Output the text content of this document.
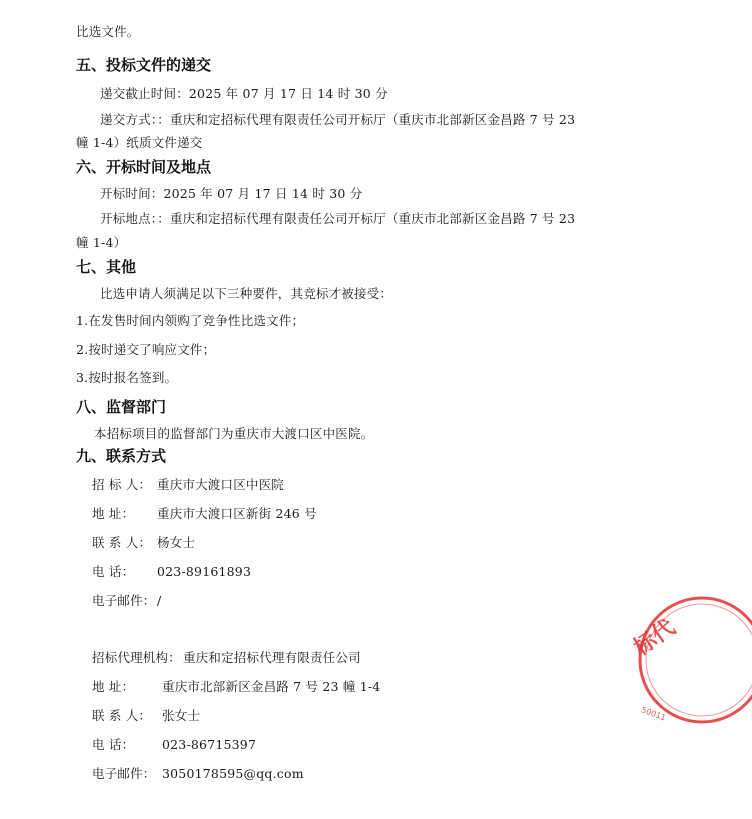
比选文件。
五、投标文件的递交
递交截止时间：2025 年 07 月 17 日 14 时 30 分
递交方式：：重庆和定招标代理有限责任公司开标厅（重庆市北部新区金昌路 7 号 23
幢 1-4）纸质文件递交
六、开标时间及地点
开标时间：2025 年 07 月 17 日 14 时 30 分
开标地点：：重庆和定招标代理有限责任公司开标厅（重庆市北部新区金昌路 7 号 23
幢 1-4）
七、其他
比选申请人须满足以下三种要件，其竞标才被接受：
1.在发售时间内领购了竞争性比选文件；
2.按时递交了响应文件；
3.按时报名签到。
八、监督部门
本招标项目的监督部门为重庆市大渡口区中医院。
九、联系方式
招 标 人： 重庆市大渡口区中医院
地 址： 重庆市大渡口区新街 246 号
联 系 人： 杨女士
电 话： 023-89161893
电子邮件： /
招标代理机构： 重庆和定招标代理有限责任公司
地 址： 重庆市北部新区金昌路 7 号 23 幢 1-4
联 系 人： 张女士
电 话： 023-86715397
电子邮件： 3050178595@qq.com
标代
50011
